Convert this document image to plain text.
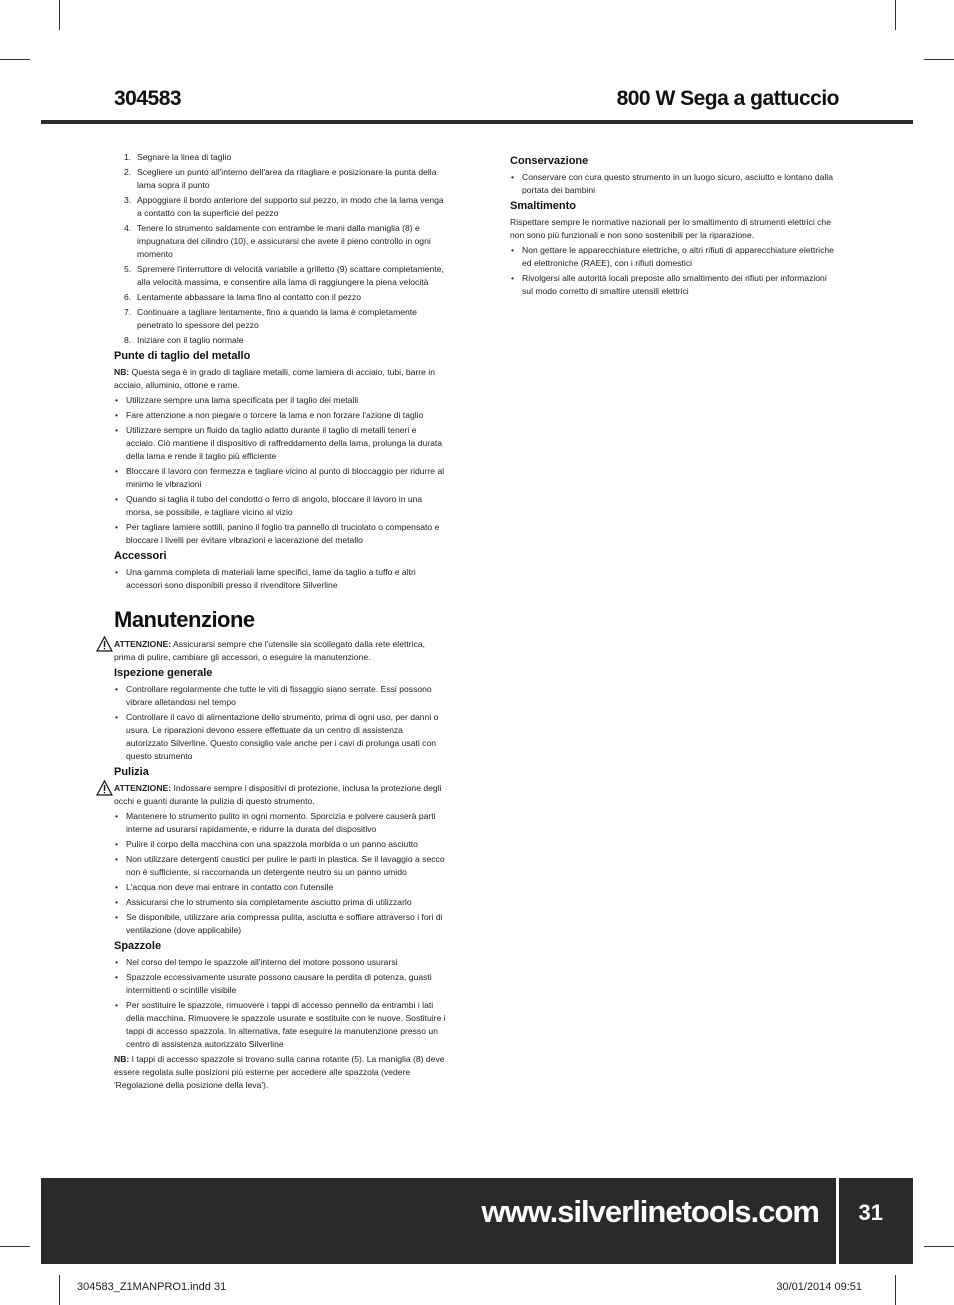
304583	800 W Sega a gattuccio
1. Segnare la linea di taglio
2. Scegliere un punto all'interno dell'area da ritagliare e posizionare la punta della lama sopra il punto
3. Appoggiare il bordo anteriore del supporto sul pezzo, in modo che la lama venga a contatto con la superficie del pezzo
4. Tenere lo strumento saldamente con entrambe le mani dalla maniglia (8) e impugnatura del cilindro (10), e assicurarsi che avete il pieno controllo in ogni momento
5. Spremere l'interruttore di velocità variabile a grilletto (9) scattare completamente, alla velocità massima, e consentire alla lama di raggiungere la piena velocità
6. Lentamente abbassare la lama fino al contatto con il pezzo
7. Continuare a tagliare lentamente, fino a quando la lama è completamente penetrato lo spessore del pezzo
8. Iniziare con il taglio normale
Punte di taglio del metallo
NB: Questa sega è in grado di tagliare metalli, come lamiera di acciaio, tubi, barre in acciaio, alluminio, ottone e rame.
• Utilizzare sempre una lama specificata per il taglio dei metalli
• Fare attenzione a non piegare o torcere la lama e non forzare l'azione di taglio
• Utilizzare sempre un fluido da taglio adatto durante il taglio di metalli teneri e acciaio. Ciò mantiene il dispositivo di raffreddamento della lama, prolunga la durata della lama e rende il taglio più efficiente
• Bloccare il lavoro con fermezza e tagliare vicino al punto di bloccaggio per ridurre al minimo le vibrazioni
• Quando si taglia il tubo del condotto o ferro di angolo, bloccare il lavoro in una morsa, se possibile, e tagliare vicino al vizio
• Per tagliare lamiere sottili, panino il foglio tra pannello di truciolato o compensato e bloccare i livelli per evitare vibrazioni e lacerazione del metallo
Accessori
• Una gamma completa di materiali lame specifici, lame da taglio a tuffo e altri accessori sono disponibili presso il rivenditore Silverline
Manutenzione
ATTENZIONE: Assicurarsi sempre che l'utensile sia scollegato dalla rete elettrica, prima di pulire, cambiare gli accessori, o eseguire la manutenzione.
Ispezione generale
• Controllare regolarmente che tutte le viti di fissaggio siano serrate. Essi possono vibrare alletandosi nel tempo
• Controllare il cavo di alimentazione dello strumento, prima di ogni uso, per danni o usura. Le riparazioni devono essere effettuate da un centro di assistenza autorizzato Silverline. Questo consiglio vale anche per i cavi di prolunga usati con questo strumento
Pulizia
ATTENZIONE: Indossare sempre i dispositivi di protezione, inclusa la protezione degli occhi e guanti durante la pulizia di questo strumento.
• Mantenere lo strumento pulito in ogni momento. Sporcizia e polvere causerà parti interne ad usurarsi rapidamente, e ridurre la durata del dispositivo
• Pulire il corpo della macchina con una spazzola morbida o un panno asciutto
• Non utilizzare detergenti caustici per pulire le parti in plastica. Se il lavaggio a secco non è sufficiente, si raccomanda un detergente neutro su un panno umido
• L'acqua non deve mai entrare in contatto con l'utensile
• Assicurarsi che lo strumento sia completamente asciutto prima di utilizzarlo
• Se disponibile, utilizzare aria compressa pulita, asciutta e soffiare attraverso i fori di ventilazione (dove applicabile)
Spazzole
• Nel corso del tempo le spazzole all'interno del motore possono usurarsi
• Spazzole eccessivamente usurate possono causare la perdita di potenza, guasti intermittenti o scintille visibile
• Per sostituire le spazzole, rimuovere i tappi di accesso pennello da entrambi i lati della macchina. Rimuovere le spazzole usurate e sostituite con le nuove. Sostituire i tappi di accesso spazzola. In alternativa, fate eseguire la manutenzione presso un centro di assistenza autorizzato Silverline
NB: I tappi di accesso spazzole si trovano sulla canna rotante (5). La maniglia (8) deve essere regolata sulle posizioni più esterne per accedere alle spazzola (vedere 'Regolazione della posizione della leva').
Conservazione
• Conservare con cura questo strumento in un luogo sicuro, asciutto e lontano dalla portata dei bambini
Smaltimento
Rispettare sempre le normative nazionali per lo smaltimento di strumenti elettrici che non sono più funzionali e non sono sostenibili per la riparazione.
• Non gettare le apparecchiature elettriche, o altri rifiuti di apparecchiature elettriche ed elettroniche (RAEE), con i rifiuti domestici
• Rivolgersi alle autorità locali preposte allo smaltimento dei rifiuti per informazioni sul modo corretto di smaltire utensili elettrici
www.silverlinetools.com 31
304583_Z1MANPRO1.indd 31	30/01/2014 09:51
